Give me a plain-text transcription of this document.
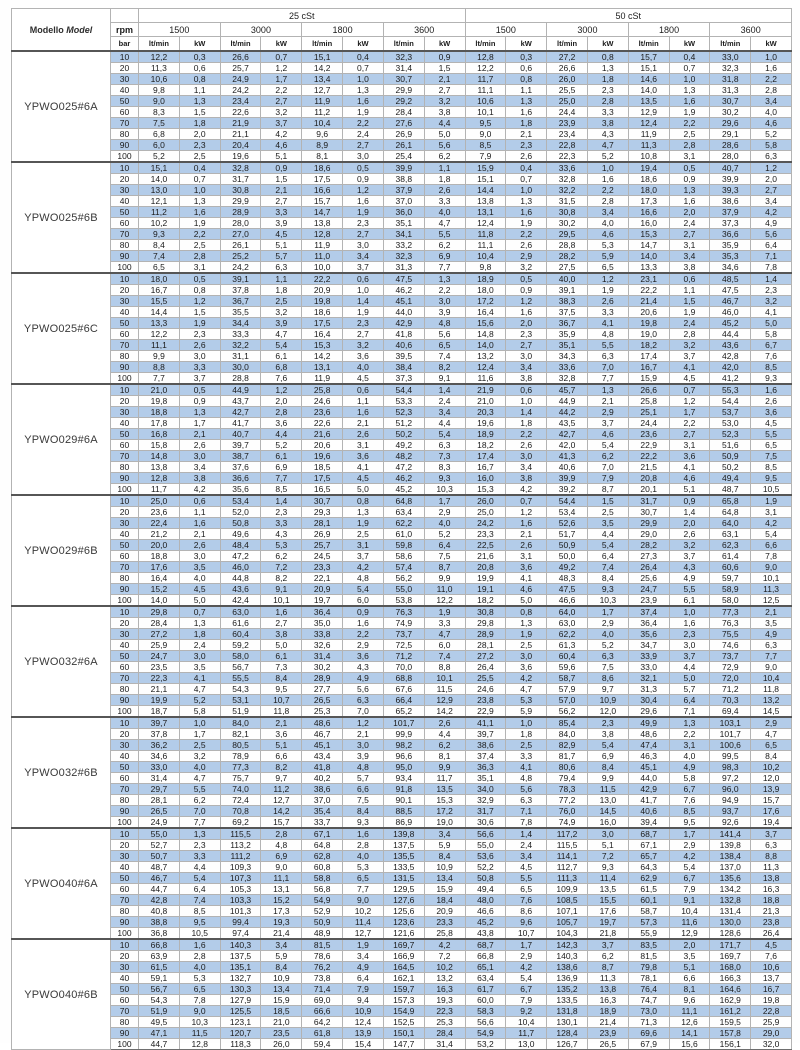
Modello Model		25 cSt								50 cSt							
	rpm	1500		3000		1800		3600		1500		3000		1800		3600	
	bar	lt/min	kW	lt/min	kW	lt/min	kW	lt/min	kW	lt/min	kW	lt/min	kW	lt/min	kW	lt/min	kW
YPWO025#6A	10	12,2	0,3	26,6	0,7	15,1	0,4	32,3	0,9	12,8	0,3	27,2	0,8	15,7	0,4	33,0	1,0
	20	11,3	0,6	25,7	1,2	14,2	0,7	31,4	1,5	12,2	0,6	26,6	1,3	15,1	0,7	32,3	1,6
	30	10,6	0,8	24,9	1,7	13,4	1,0	30,7	2,1	11,7	0,8	26,0	1,8	14,6	1,0	31,8	2,2
	40	9,8	1,1	24,2	2,2	12,7	1,3	29,9	2,7	11,1	1,1	25,5	2,3	14,0	1,3	31,3	2,8
	50	9,0	1,3	23,4	2,7	11,9	1,6	29,2	3,2	10,6	1,3	25,0	2,8	13,5	1,6	30,7	3,4
	60	8,3	1,5	22,6	3,2	11,2	1,9	28,4	3,8	10,1	1,6	24,4	3,3	12,9	1,9	30,2	4,0
	70	7,5	1,8	21,9	3,7	10,4	2,2	27,6	4,4	9,5	1,8	23,9	3,8	12,4	2,2	29,6	4,6
	80	6,8	2,0	21,1	4,2	9,6	2,4	26,9	5,0	9,0	2,1	23,4	4,3	11,9	2,5	29,1	5,2
	90	6,0	2,3	20,4	4,6	8,9	2,7	26,1	5,6	8,5	2,3	22,8	4,7	11,3	2,8	28,6	5,8
	100	5,2	2,5	19,6	5,1	8,1	3,0	25,4	6,2	7,9	2,6	22,3	5,2	10,8	3,1	28,0	6,3
YPWO025#6B	10	15,1	0,4	32,8	0,9	18,6	0,5	39,9	1,1	15,9	0,4	33,6	1,0	19,4	0,5	40,7	1,2
	20	14,0	0,7	31,7	1,5	17,5	0,9	38,8	1,8	15,1	0,7	32,8	1,6	18,6	0,9	39,9	2,0
	30	13,0	1,0	30,8	2,1	16,6	1,2	37,9	2,6	14,4	1,0	32,2	2,2	18,0	1,3	39,3	2,7
	40	12,1	1,3	29,9	2,7	15,7	1,6	37,0	3,3	13,8	1,3	31,5	2,8	17,3	1,6	38,6	3,4
	50	11,2	1,6	28,9	3,3	14,7	1,9	36,0	4,0	13,1	1,6	30,8	3,4	16,6	2,0	37,9	4,2
	60	10,2	1,9	28,0	3,9	13,8	2,3	35,1	4,7	12,4	1,9	30,2	4,0	16,0	2,4	37,3	4,9
	70	9,3	2,2	27,0	4,5	12,8	2,7	34,1	5,5	11,8	2,2	29,5	4,6	15,3	2,7	36,6	5,6
	80	8,4	2,5	26,1	5,1	11,9	3,0	33,2	6,2	11,1	2,6	28,8	5,3	14,7	3,1	35,9	6,4
	90	7,4	2,8	25,2	5,7	11,0	3,4	32,3	6,9	10,4	2,9	28,2	5,9	14,0	3,4	35,3	7,1
	100	6,5	3,1	24,2	6,3	10,0	3,7	31,3	7,7	9,8	3,2	27,5	6,5	13,3	3,8	34,6	7,8
YPWO025#6C	10	18,0	0,5	39,1	1,1	22,2	0,6	47,5	1,3	18,9	0,5	40,0	1,2	23,1	0,6	48,5	1,4
	20	16,7	0,8	37,8	1,8	20,9	1,0	46,2	2,2	18,0	0,9	39,1	1,9	22,2	1,1	47,5	2,3
	30	15,5	1,2	36,7	2,5	19,8	1,4	45,1	3,0	17,2	1,2	38,3	2,6	21,4	1,5	46,7	3,2
	40	14,4	1,5	35,5	3,2	18,6	1,9	44,0	3,9	16,4	1,6	37,5	3,3	20,6	1,9	46,0	4,1
	50	13,3	1,9	34,4	3,9	17,5	2,3	42,9	4,8	15,6	2,0	36,7	4,1	19,8	2,4	45,2	5,0
	60	12,2	2,3	33,3	4,7	16,4	2,7	41,8	5,6	14,8	2,3	35,9	4,8	19,0	2,8	44,4	5,8
	70	11,1	2,6	32,2	5,4	15,3	3,2	40,6	6,5	14,0	2,7	35,1	5,5	18,2	3,2	43,6	6,7
	80	9,9	3,0	31,1	6,1	14,2	3,6	39,5	7,4	13,2	3,0	34,3	6,3	17,4	3,7	42,8	7,6
	90	8,8	3,3	30,0	6,8	13,1	4,0	38,4	8,2	12,4	3,4	33,6	7,0	16,7	4,1	42,0	8,5
	100	7,7	3,7	28,8	7,6	11,9	4,5	37,3	9,1	11,6	3,8	32,8	7,7	15,9	4,5	41,2	9,3
YPWO029#6A	10	21,0	0,5	44,9	1,2	25,8	0,6	54,4	1,4	21,9	0,6	45,7	1,3	26,6	0,7	55,3	1,6
	20	19,8	0,9	43,7	2,0	24,6	1,1	53,3	2,4	21,0	1,0	44,9	2,1	25,8	1,2	54,4	2,6
	30	18,8	1,3	42,7	2,8	23,6	1,6	52,3	3,4	20,3	1,4	44,2	2,9	25,1	1,7	53,7	3,6
	40	17,8	1,7	41,7	3,6	22,6	2,1	51,2	4,4	19,6	1,8	43,5	3,7	24,4	2,2	53,0	4,5
	50	16,8	2,1	40,7	4,4	21,6	2,6	50,2	5,4	18,9	2,2	42,7	4,6	23,6	2,7	52,3	5,5
	60	15,8	2,6	39,7	5,2	20,6	3,1	49,2	6,3	18,2	2,6	42,0	5,4	22,9	3,1	51,6	6,5
	70	14,8	3,0	38,7	6,1	19,6	3,6	48,2	7,3	17,4	3,0	41,3	6,2	22,2	3,6	50,9	7,5
	80	13,8	3,4	37,6	6,9	18,5	4,1	47,2	8,3	16,7	3,4	40,6	7,0	21,5	4,1	50,2	8,5
	90	12,8	3,8	36,6	7,7	17,5	4,5	46,2	9,3	16,0	3,8	39,9	7,9	20,8	4,6	49,4	9,5
	100	11,7	4,2	35,6	8,5	16,5	5,0	45,2	10,3	15,3	4,2	39,2	8,7	20,1	5,1	48,7	10,5
YPWO029#6B	10	25,0	0,6	53,4	1,4	30,7	0,8	64,8	1,7	26,0	0,7	54,4	1,5	31,7	0,9	65,8	1,9
	20	23,6	1,1	52,0	2,3	29,3	1,3	63,4	2,9	25,0	1,2	53,4	2,5	30,7	1,4	64,8	3,1
	30	22,4	1,6	50,8	3,3	28,1	1,9	62,2	4,0	24,2	1,6	52,6	3,5	29,9	2,0	64,0	4,2
	40	21,2	2,1	49,6	4,3	26,9	2,5	61,0	5,2	23,3	2,1	51,7	4,4	29,0	2,6	63,1	5,4
	50	20,0	2,6	48,4	5,3	25,7	3,1	59,8	6,4	22,5	2,6	50,9	5,4	28,2	3,2	62,3	6,6
	60	18,8	3,0	47,2	6,2	24,5	3,7	58,6	7,5	21,6	3,1	50,0	6,4	27,3	3,7	61,4	7,8
	70	17,6	3,5	46,0	7,2	23,3	4,2	57,4	8,7	20,8	3,6	49,2	7,4	26,4	4,3	60,6	9,0
	80	16,4	4,0	44,8	8,2	22,1	4,8	56,2	9,9	19,9	4,1	48,3	8,4	25,6	4,9	59,7	10,1
	90	15,2	4,5	43,6	9,1	20,9	5,4	55,0	11,0	19,1	4,6	47,5	9,3	24,7	5,5	58,9	11,3
	100	14,0	5,0	42,4	10,1	19,7	6,0	53,8	12,2	18,2	5,0	46,6	10,3	23,9	6,1	58,0	12,5
YPWO032#6A	10	29,8	0,7	63,0	1,6	36,4	0,9	76,3	1,9	30,8	0,8	64,0	1,7	37,4	1,0	77,3	2,1
	20	28,4	1,3	61,6	2,7	35,0	1,6	74,9	3,3	29,8	1,3	63,0	2,9	36,4	1,6	76,3	3,5
	30	27,2	1,8	60,4	3,8	33,8	2,2	73,7	4,7	28,9	1,9	62,2	4,0	35,6	2,3	75,5	4,9
	40	25,9	2,4	59,2	5,0	32,6	2,9	72,5	6,0	28,1	2,5	61,3	5,2	34,7	3,0	74,6	6,3
	50	24,7	3,0	58,0	6,1	31,4	3,6	71,2	7,4	27,2	3,0	60,4	6,3	33,9	3,7	73,7	7,7
	60	23,5	3,5	56,7	7,3	30,2	4,3	70,0	8,8	26,4	3,6	59,6	7,5	33,0	4,4	72,9	9,0
	70	22,3	4,1	55,5	8,4	28,9	4,9	68,8	10,1	25,5	4,2	58,7	8,6	32,1	5,0	72,0	10,4
	80	21,1	4,7	54,3	9,5	27,7	5,6	67,6	11,5	24,6	4,7	57,9	9,7	31,3	5,7	71,2	11,8
	90	19,9	5,2	53,1	10,7	26,5	6,3	66,4	12,9	23,8	5,3	57,0	10,9	30,4	6,4	70,3	13,2
	100	18,7	5,8	51,9	11,8	25,3	7,0	65,2	14,2	22,9	5,9	56,2	12,0	29,6	7,1	69,4	14,5
YPWO032#6B	10	39,7	1,0	84,0	2,1	48,6	1,2	101,7	2,6	41,1	1,0	85,4	2,3	49,9	1,3	103,1	2,9
	20	37,8	1,7	82,1	3,6	46,7	2,1	99,9	4,4	39,7	1,8	84,0	3,8	48,6	2,2	101,7	4,7
	30	36,2	2,5	80,5	5,1	45,1	3,0	98,2	6,2	38,6	2,5	82,9	5,4	47,4	3,1	100,6	6,5
	40	34,6	3,2	78,9	6,6	43,4	3,9	96,6	8,1	37,4	3,3	81,7	6,9	46,3	4,0	99,5	8,4
	50	33,0	4,0	77,3	8,2	41,8	4,8	95,0	9,9	36,3	4,1	80,6	8,4	45,1	4,9	98,3	10,2
	60	31,4	4,7	75,7	9,7	40,2	5,7	93,4	11,7	35,1	4,8	79,4	9,9	44,0	5,8	97,2	12,0
	70	29,7	5,5	74,0	11,2	38,6	6,6	91,8	13,5	34,0	5,6	78,3	11,5	42,9	6,7	96,0	13,9
	80	28,1	6,2	72,4	12,7	37,0	7,5	90,1	15,3	32,9	6,3	77,2	13,0	41,7	7,6	94,9	15,7
	90	26,5	7,0	70,8	14,2	35,4	8,4	88,5	17,2	31,7	7,1	76,0	14,5	40,6	8,5	93,7	17,6
	100	24,9	7,7	69,2	15,7	33,7	9,3	86,9	19,0	30,6	7,8	74,9	16,0	39,4	9,5	92,6	19,4
YPWO040#6A	10	55,0	1,3	115,5	2,8	67,1	1,6	139,8	3,4	56,6	1,4	117,2	3,0	68,7	1,7	141,4	3,7
	20	52,7	2,3	113,2	4,8	64,8	2,8	137,5	5,9	55,0	2,4	115,5	5,1	67,1	2,9	139,8	6,3
	30	50,7	3,3	111,2	6,9	62,8	4,0	135,5	8,4	53,6	3,4	114,1	7,2	65,7	4,2	138,4	8,8
	40	48,7	4,4	109,3	9,0	60,8	5,3	133,5	10,9	52,2	4,5	112,7	9,3	64,3	5,4	137,0	11,3
	50	46,7	5,4	107,3	11,1	58,8	6,5	131,5	13,4	50,8	5,5	111,3	11,4	62,9	6,7	135,6	13,8
	60	44,7	6,4	105,3	13,1	56,8	7,7	129,5	15,9	49,4	6,5	109,9	13,5	61,5	7,9	134,2	16,3
	70	42,8	7,4	103,3	15,2	54,9	9,0	127,6	18,4	48,0	7,6	108,5	15,5	60,1	9,1	132,8	18,8
	80	40,8	8,5	101,3	17,3	52,9	10,2	125,6	20,9	46,6	8,6	107,1	17,6	58,7	10,4	131,4	21,3
	90	38,8	9,5	99,4	19,3	50,9	11,4	123,6	23,3	45,2	9,6	105,7	19,7	57,3	11,6	130,0	23,8
	100	36,8	10,5	97,4	21,4	48,9	12,7	121,6	25,8	43,8	10,7	104,3	21,8	55,9	12,9	128,6	26,4
YPWO040#6B	10	66,8	1,6	140,3	3,4	81,5	1,9	169,7	4,2	68,7	1,7	142,3	3,7	83,5	2,0	171,7	4,5
	20	63,9	2,8	137,5	5,9	78,6	3,4	166,9	7,2	66,8	2,9	140,3	6,2	81,5	3,5	169,7	7,6
	30	61,5	4,0	135,1	8,4	76,2	4,9	164,5	10,2	65,1	4,2	138,6	8,7	79,8	5,1	168,0	10,6
	40	59,1	5,3	132,7	10,9	73,8	6,4	162,1	13,2	63,4	5,4	136,9	11,3	78,1	6,6	166,3	13,7
	50	56,7	6,5	130,3	13,4	71,4	7,9	159,7	16,3	61,7	6,7	135,2	13,8	76,4	8,1	164,6	16,7
	60	54,3	7,8	127,9	15,9	69,0	9,4	157,3	19,3	60,0	7,9	133,5	16,3	74,7	9,6	162,9	19,8
	70	51,9	9,0	125,5	18,5	66,6	10,9	154,9	22,3	58,3	9,2	131,8	18,9	73,0	11,1	161,2	22,8
	80	49,5	10,3	123,1	21,0	64,2	12,4	152,5	25,3	56,6	10,4	130,1	21,4	71,3	12,6	159,5	25,9
	90	47,1	11,5	120,7	23,5	61,8	13,9	150,1	28,4	54,9	11,7	128,4	23,9	69,6	14,1	157,8	29,0
	100	44,7	12,8	118,3	26,0	59,4	15,4	147,7	31,4	53,2	13,0	126,7	26,5	67,9	15,6	156,1	32,0
